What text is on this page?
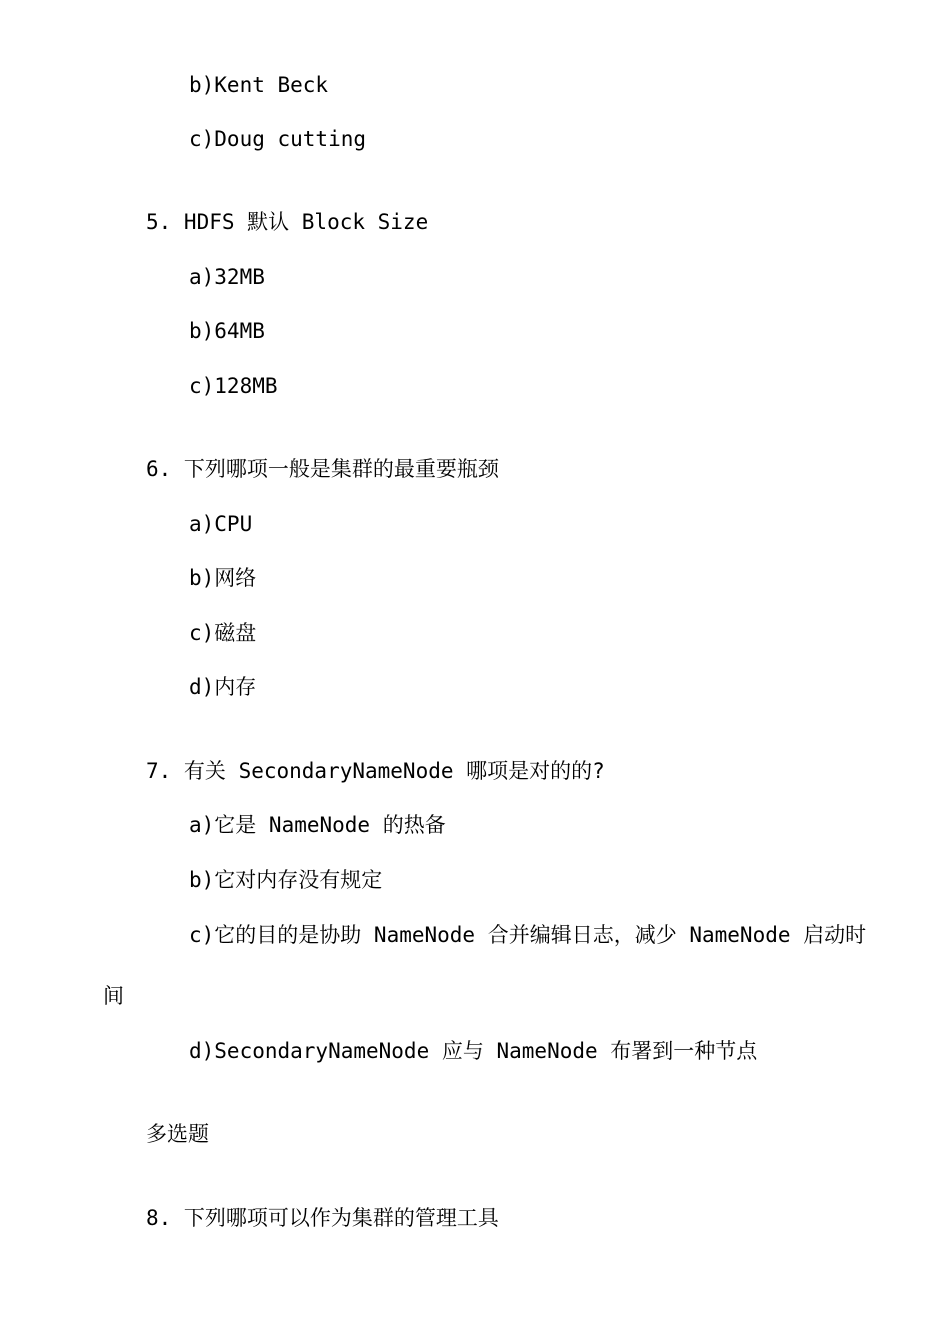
b)Kent Beck
c)Doug cutting
5. HDFS 默认 Block Size
a)32MB
b)64MB
c)128MB
6. 下列哪项一般是集群的最重要瓶颈
a)CPU
b)网络
c)磁盘
d)内存
7. 有关 SecondaryNameNode 哪项是对的的?
a)它是 NameNode 的热备
b)它对内存没有规定
c)它的目的是协助 NameNode 合并编辑日志，减少 NameNode 启动时
间
d)SecondaryNameNode 应与 NameNode 布署到一种节点
多选题
8. 下列哪项可以作为集群的管理工具
